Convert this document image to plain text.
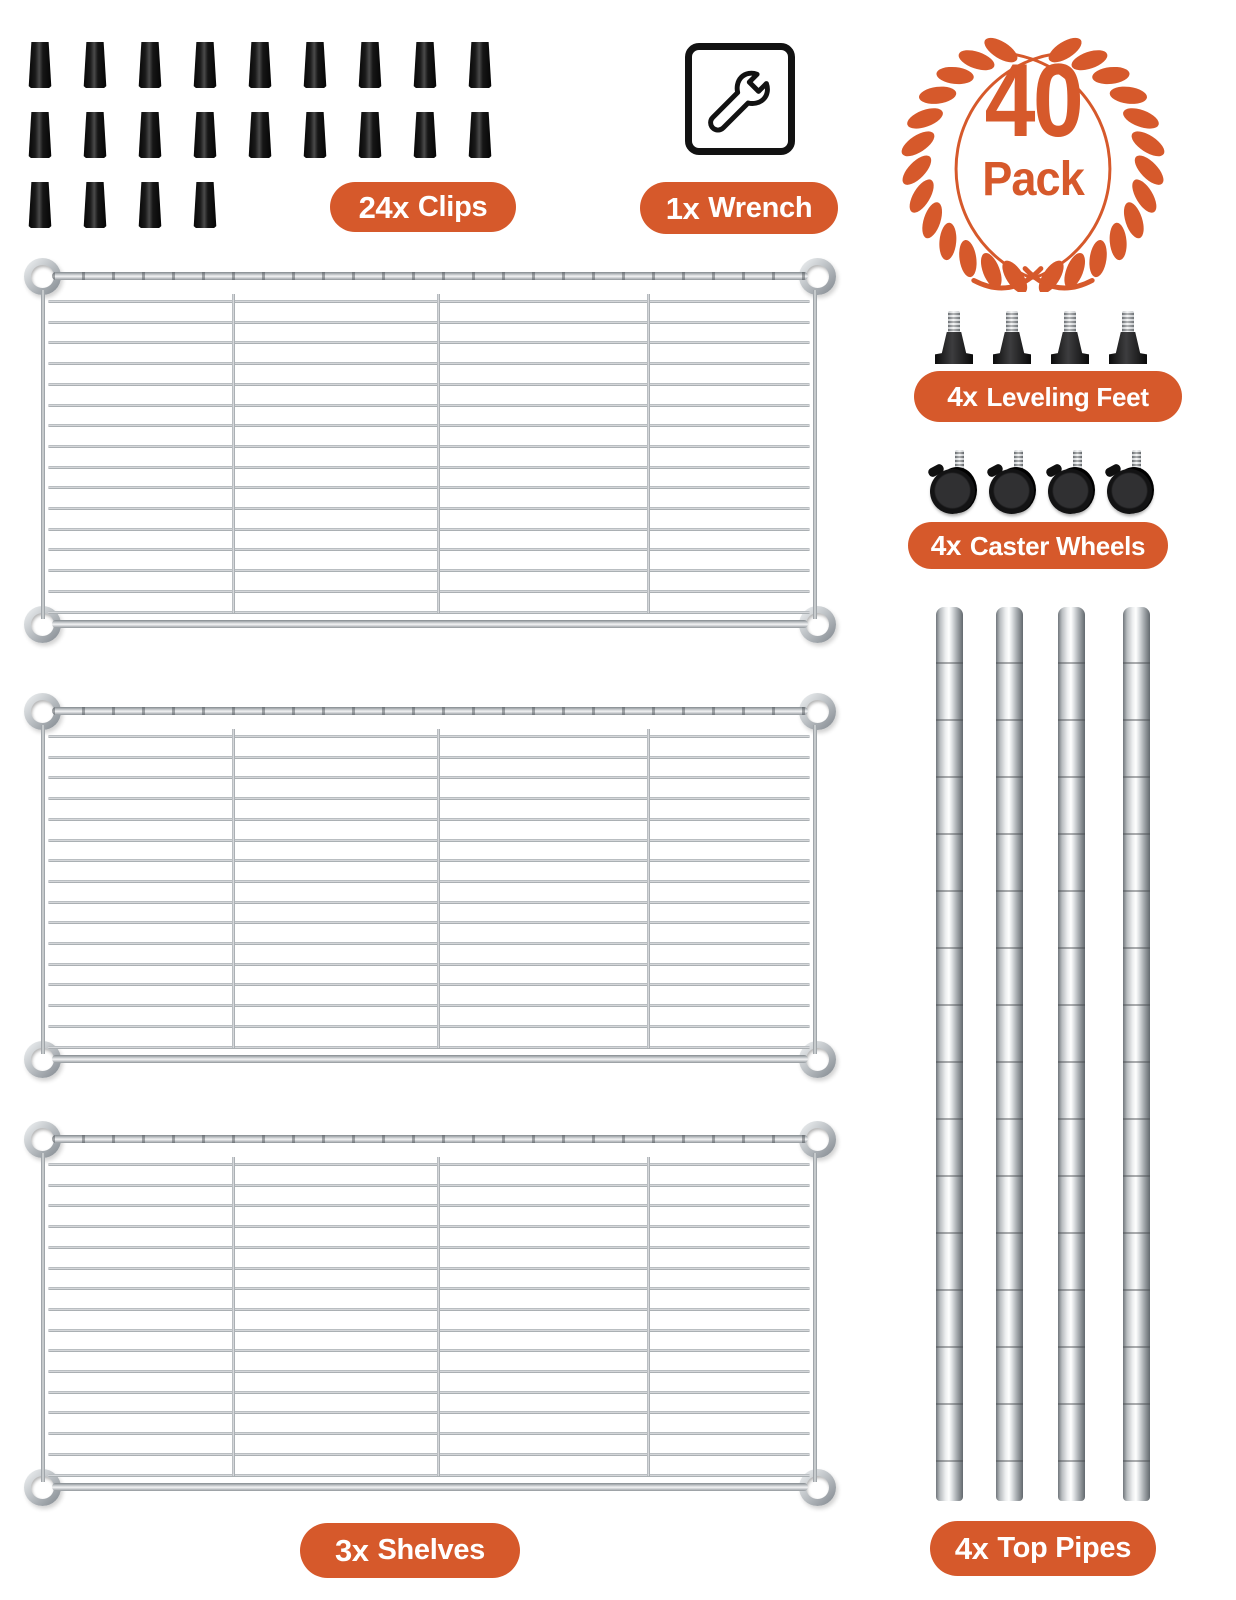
24x Clips	1x Wrench
40
Pack
4x Leveling Feet
4x Caster Wheels
3x Shelves	4x Top Pipes
